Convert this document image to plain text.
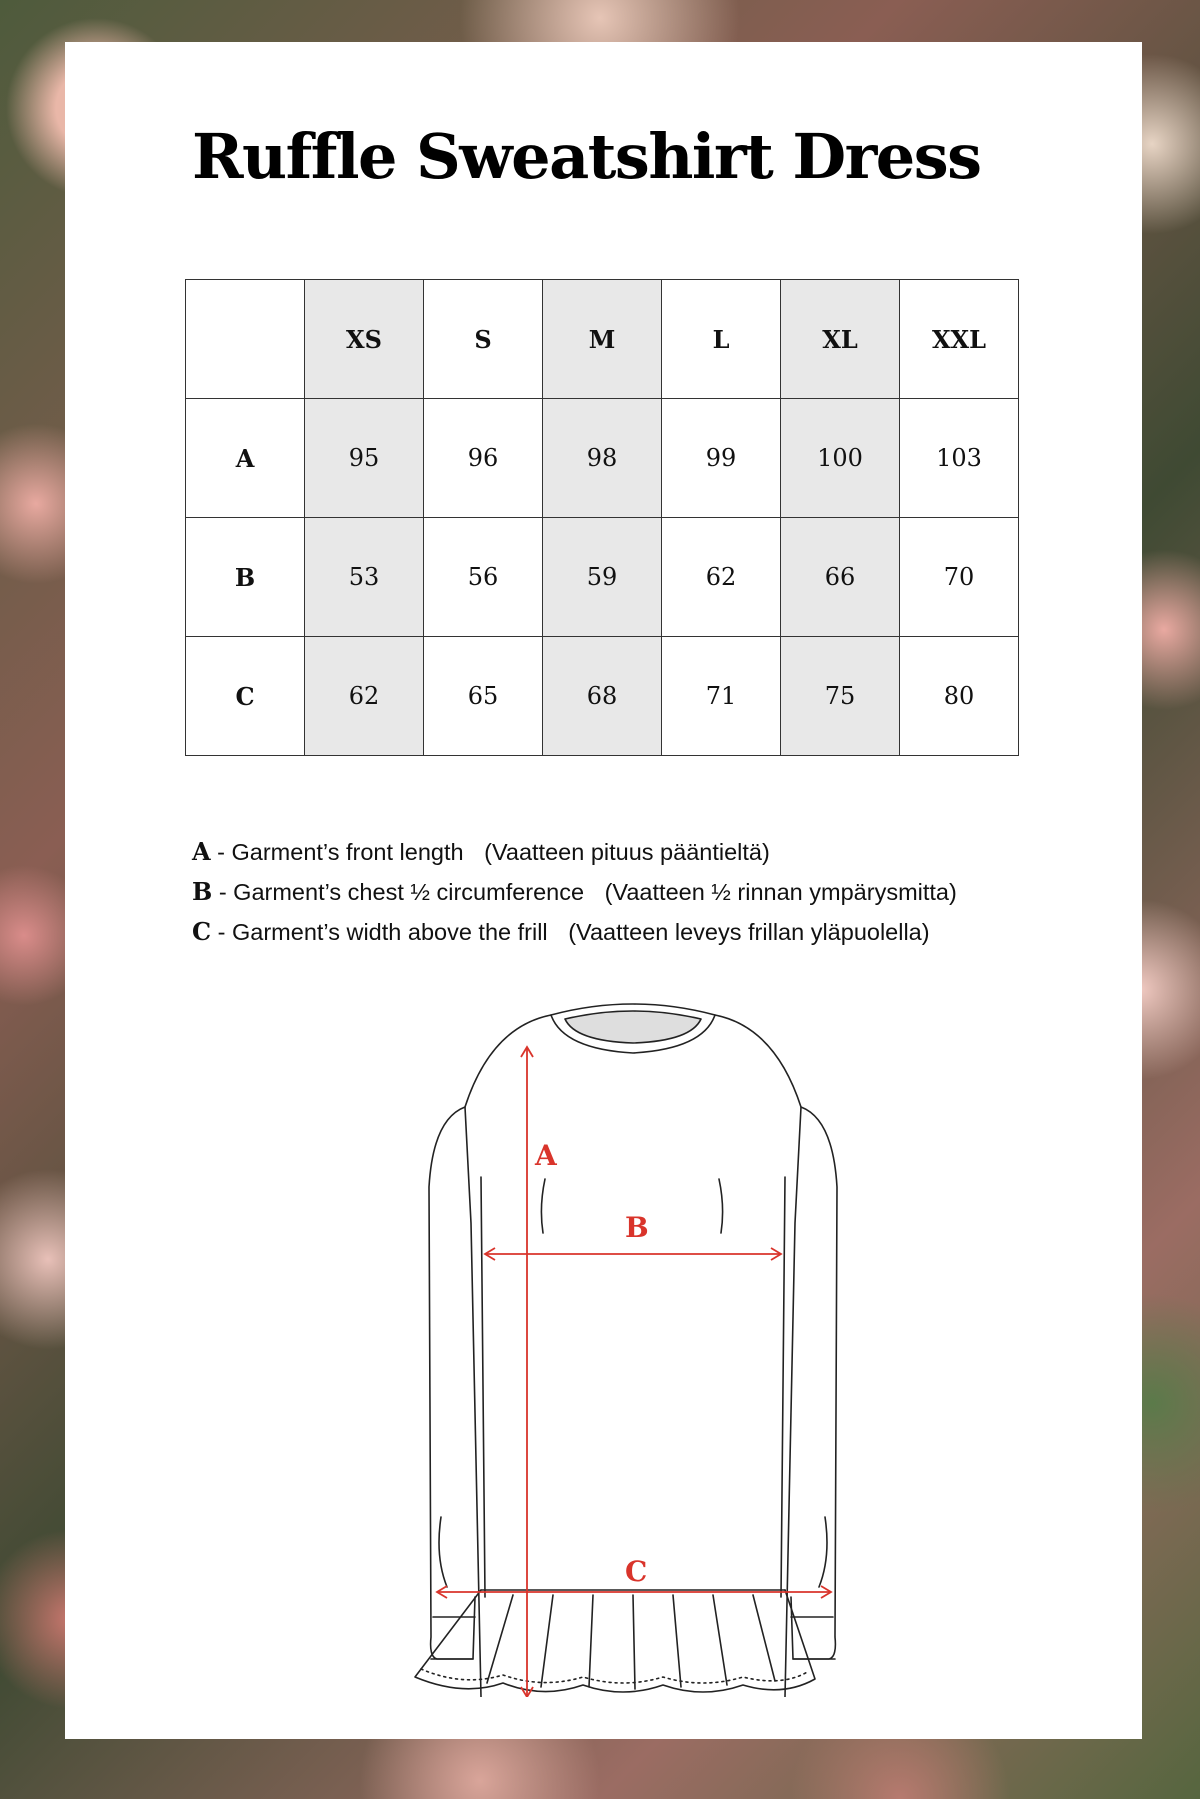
Ruffle Sweatshirt Dress
	XS	S	M	L	XL	XXL
A	95	96	98	99	100	103
B	53	56	59	62	66	70
C	62	65	68	71	75	80
A - Garment’s front length (Vaatteen pituus pääntieltä)
B - Garment’s chest ½ circumference (Vaatteen ½ rinnan ympärysmitta)
C - Garment’s width above the frill (Vaatteen leveys frillan yläpuolella)
A
B
C
